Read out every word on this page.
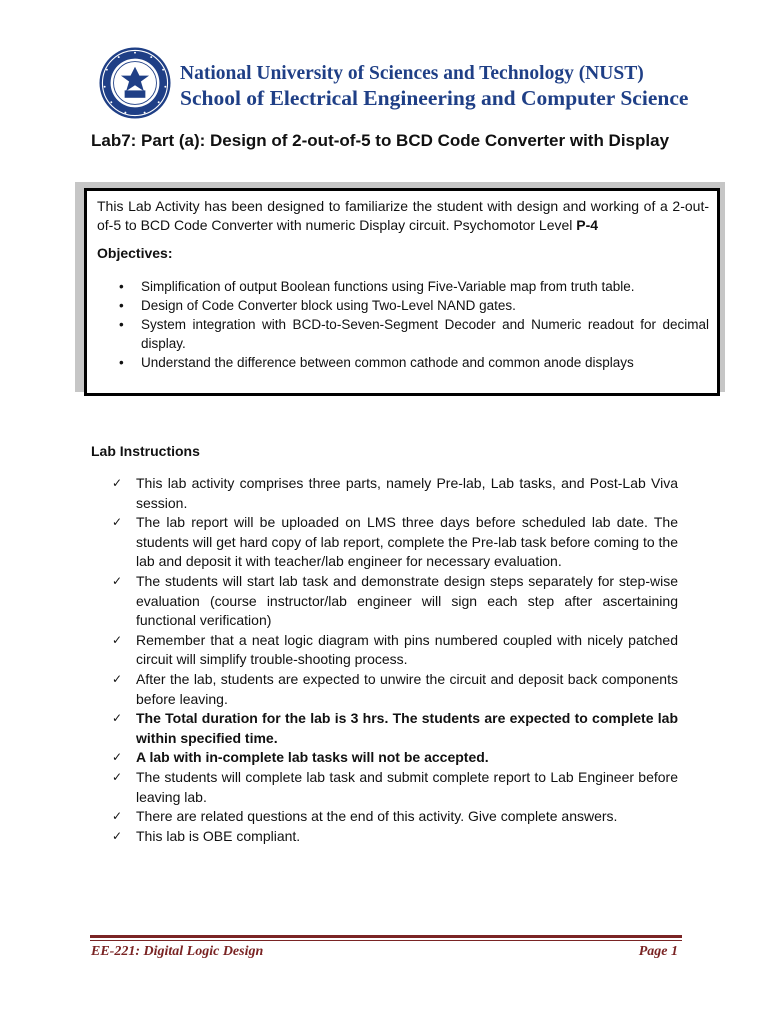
National University of Sciences and Technology (NUST)
School of Electrical Engineering and Computer Science
Lab7: Part (a): Design of 2-out-of-5 to BCD Code Converter with Display

This Lab Activity has been designed to familiarize the student with design and working of a 2-out-of-5 to BCD Code Converter with numeric Display circuit. Psychomotor Level P-4

Objectives:
• Simplification of output Boolean functions using Five-Variable map from truth table.
• Design of Code Converter block using Two-Level NAND gates.
• System integration with BCD-to-Seven-Segment Decoder and Numeric readout for decimal display.
• Understand the difference between common cathode and common anode displays
Lab Instructions
✓ This lab activity comprises three parts, namely Pre-lab, Lab tasks, and Post-Lab Viva session.
✓ The lab report will be uploaded on LMS three days before scheduled lab date. The students will get hard copy of lab report, complete the Pre-lab task before coming to the lab and deposit it with teacher/lab engineer for necessary evaluation.
✓ The students will start lab task and demonstrate design steps separately for step-wise evaluation (course instructor/lab engineer will sign each step after ascertaining functional verification)
✓ Remember that a neat logic diagram with pins numbered coupled with nicely patched circuit will simplify trouble-shooting process.
✓ After the lab, students are expected to unwire the circuit and deposit back components before leaving.
✓ The Total duration for the lab is 3 hrs. The students are expected to complete lab within specified time.
✓ A lab with in-complete lab tasks will not be accepted.
✓ The students will complete lab task and submit complete report to Lab Engineer before leaving lab.
✓ There are related questions at the end of this activity. Give complete answers.
✓ This lab is OBE compliant.
EE-221: Digital Logic Design	Page 1
